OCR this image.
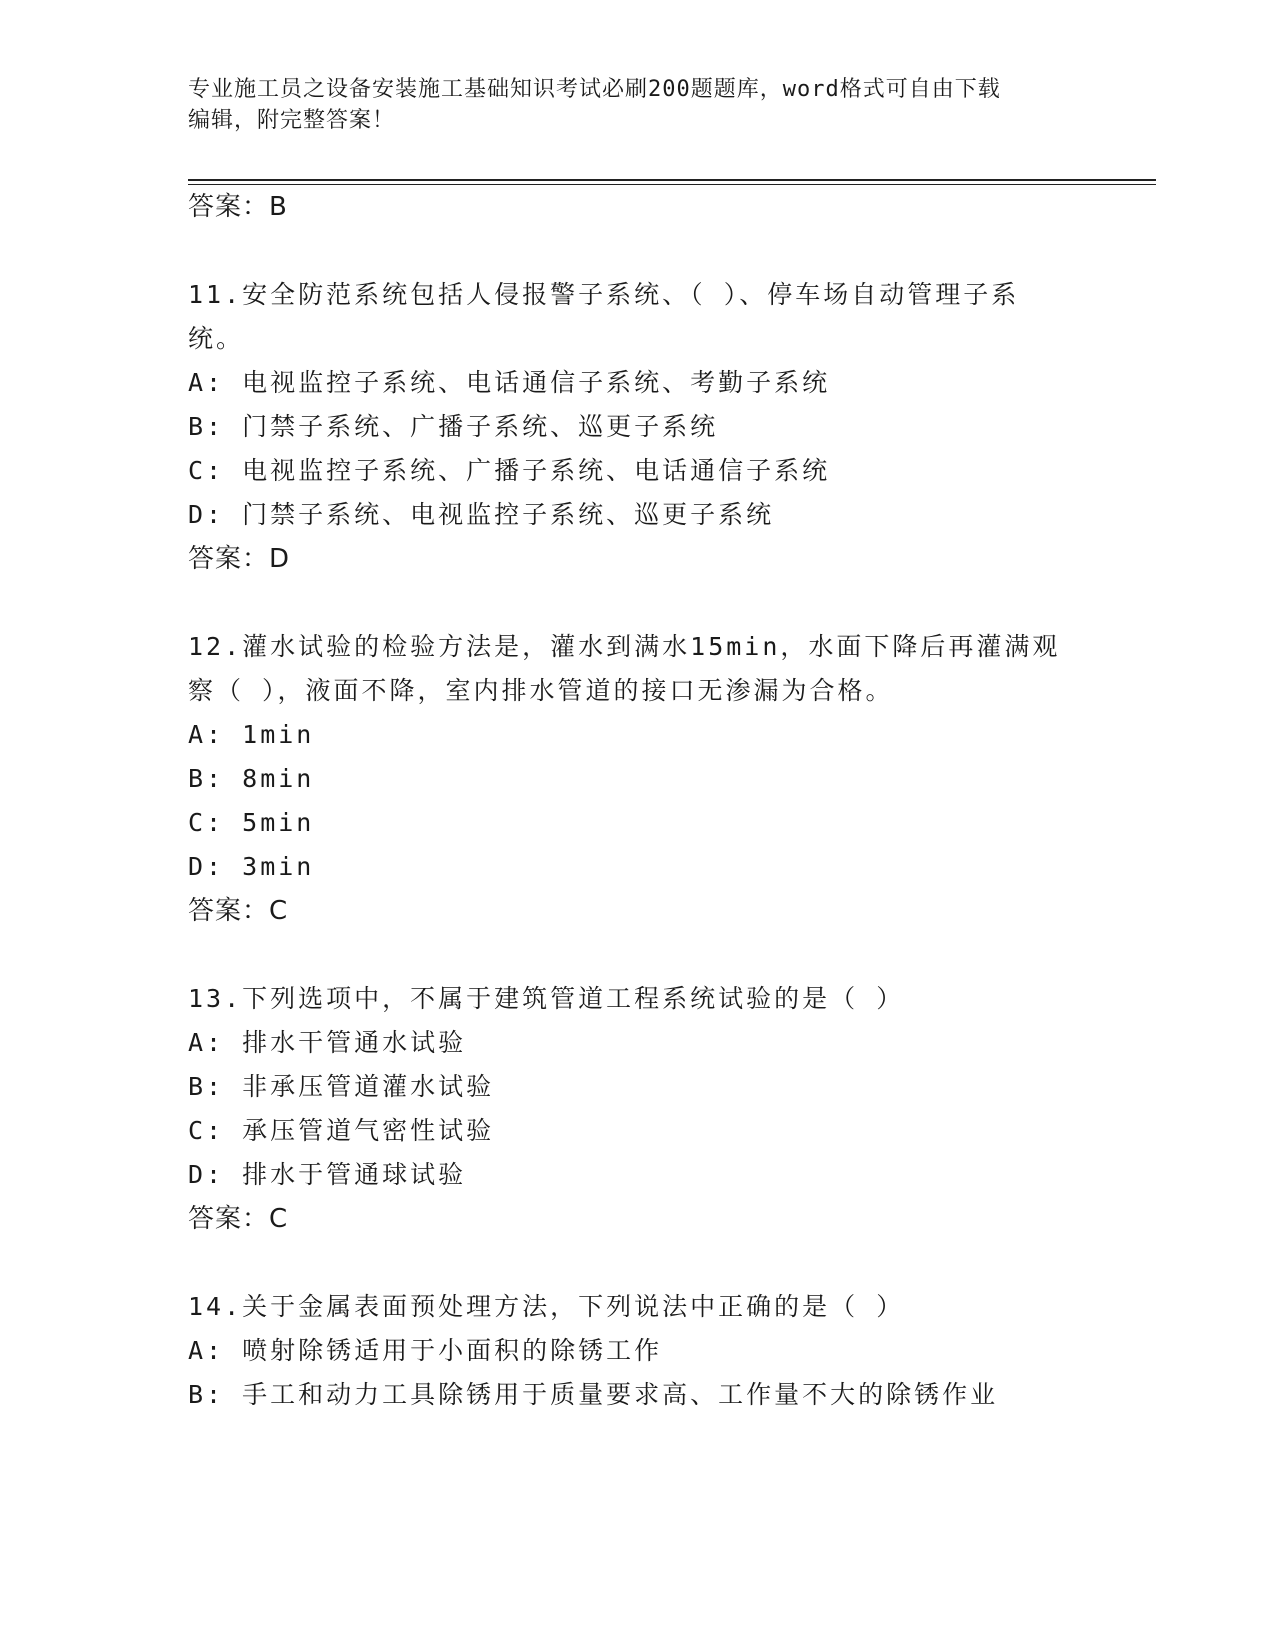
专业施工员之设备安装施工基础知识考试必刷200题题库，word格式可自由下载
编辑，附完整答案！
答案：B
11.安全防范系统包括人侵报警子系统、（ ）、停车场自动管理子系
统。
A: 电视监控子系统、电话通信子系统、考勤子系统
B: 门禁子系统、广播子系统、巡更子系统
C: 电视监控子系统、广播子系统、电话通信子系统
D: 门禁子系统、电视监控子系统、巡更子系统
答案：D
12.灌水试验的检验方法是，灌水到满水15min，水面下降后再灌满观
察（ ），液面不降，室内排水管道的接口无渗漏为合格。
A: 1min
B: 8min
C: 5min
D: 3min
答案：C
13.下列选项中，不属于建筑管道工程系统试验的是（ ）
A: 排水干管通水试验
B: 非承压管道灌水试验
C: 承压管道气密性试验
D: 排水于管通球试验
答案：C
14.关于金属表面预处理方法，下列说法中正确的是（ ）
A: 喷射除锈适用于小面积的除锈工作
B: 手工和动力工具除锈用于质量要求高、工作量不大的除锈作业
